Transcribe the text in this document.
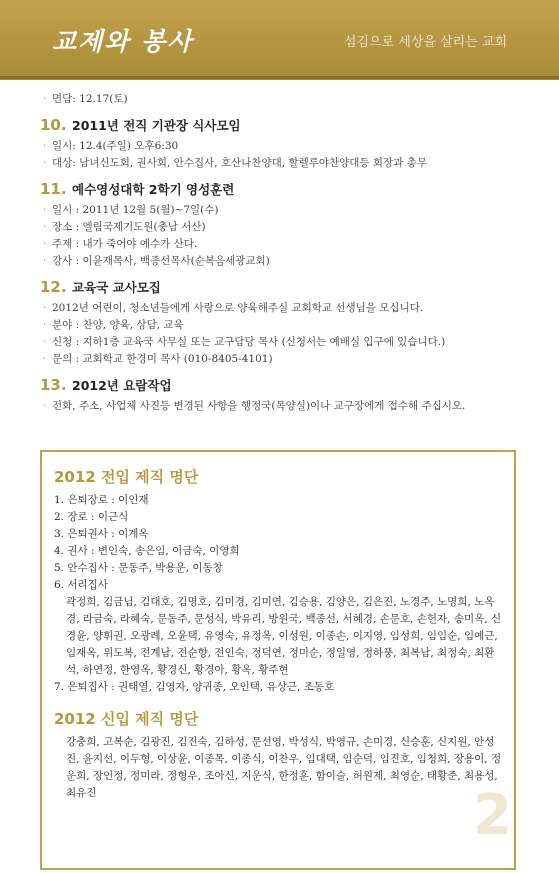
교제와 봉사	섬김으로 세상을 살리는 교회
· 면담: 12.17(토)
10. 2011년 전직 기관장 식사모임
· 일시: 12.4(주일) 오후6:30
· 대상: 남녀신도회, 권사회, 안수집사, 호산나찬양대, 할렐루야찬양대등 회장과 총무
11. 예수영성대학 2학기 영성훈련
· 일시 : 2011년 12월 5(월)~7일(수)
· 장소 : 엘림국제기도원(충남 서산)
· 주제 : 내가 죽어야 예수가 산다.
· 강사 : 이윤재목사, 백종선목사(순복음세광교회)
12. 교육국 교사모집
· 2012년 어린이, 청소년들에게 사랑으로 양육해주실 교회학교 선생님을 모십니다.
· 분야 : 찬양, 양육, 상담, 교육
· 신청 : 지하1층 교육국 사무실 또는 교구담당 목사 (신청서는 예배실 입구에 있습니다.)
· 문의 : 교회학교 한경미 목사 (010-8405-4101)
13. 2012년 요람작업
· 전화, 주소, 사업체 사진등 변경된 사항을 행정국(목양실)이나 교구장에게 접수해 주십시오.
2012 전입 제직 명단
1. 은퇴장로 : 이인재
2. 장로 : 이근식
3. 은퇴권사 : 이계옥
4. 권사 : 변인숙, 송은임, 이금숙, 이영희
5. 안수집사 : 문동주, 박용운, 이동창
6. 서리집사
곽정희, 김금님, 김대호, 김명호, 김미경, 김미연, 김승용, 김양은, 김은진, 노경주, 노명희, 노옥경, 라금숙, 라혜숙, 문동주, 문성식, 박유리, 방원국, 백종선, 서혜경, 손문호, 손헌자, 송미옥, 신경윤, 양휘권, 오광례, 오윤택, 유영숙, 유정옥, 이성원, 이종손, 이지영, 임성희, 임임순, 임예근, 임재옥, 위도복, 전계남, 전순향, 전인숙, 정덕연, 정미순, 정일영, 정하풍, 최복남, 최정숙, 최환석, 하연정, 한영옥, 황경신, 황경아, 황옥, 황주현
7. 은퇴집사 : 권태열, 김영자, 양귀종, 오인택, 유상근, 조동호
2012 신입 제직 명단
강충희, 고복순, 김광진, 김진숙, 김하성, 문선영, 박성식, 박영규, 손미경, 신승훈, 신지원, 안성진, 윤지선, 이두형, 이상윤, 이종목, 이종식, 이찬우, 임대택, 임순덕, 임진호, 임청희, 장용이, 정운희, 장인정, 정미라, 정형우, 조아신, 지운식, 한정훈, 함이슬, 허원제, 최영순, 태황준, 최용성, 최유진	2
